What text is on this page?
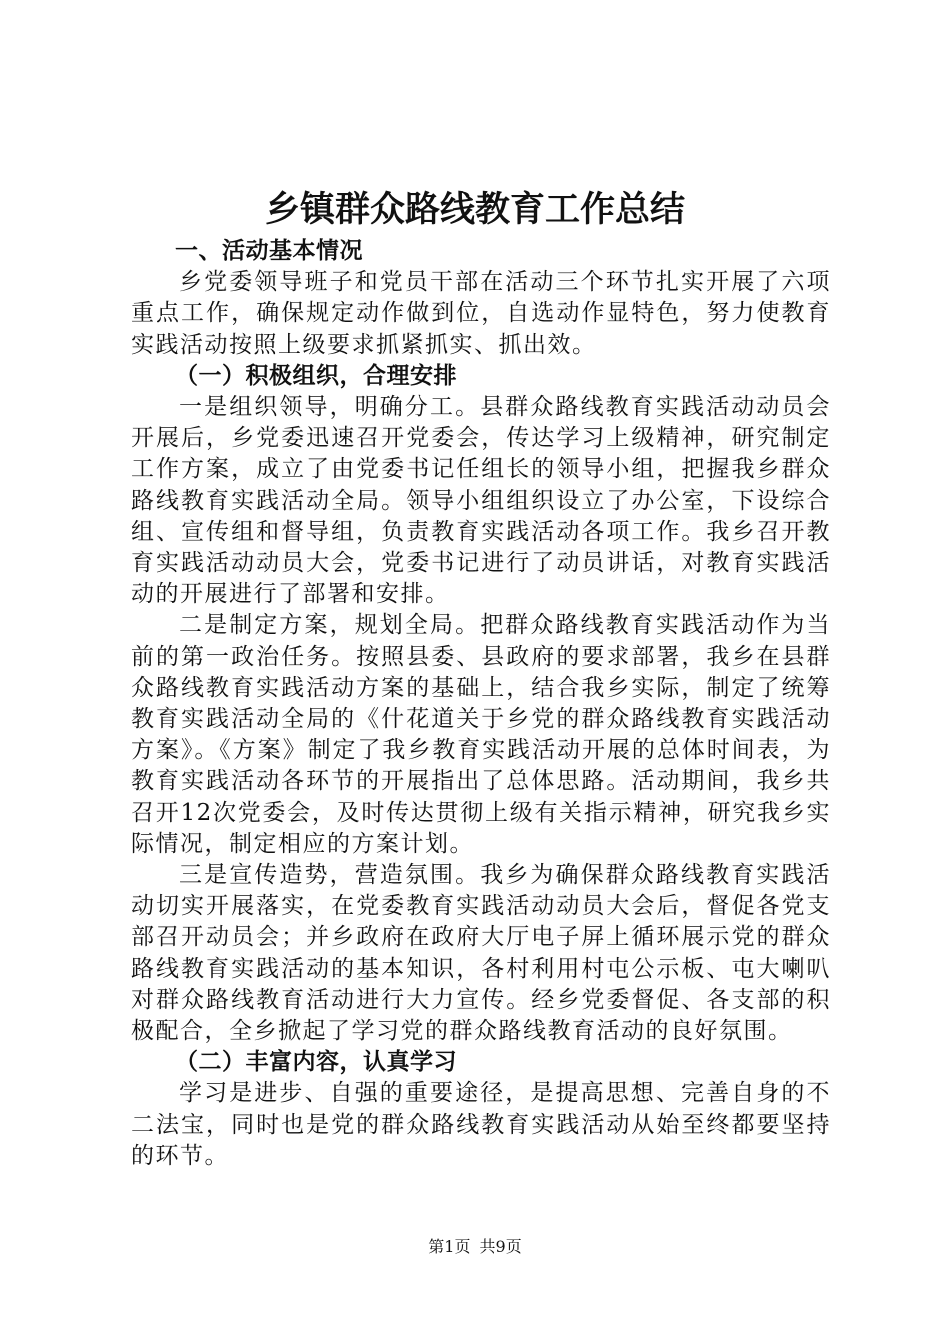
乡镇群众路线教育工作总结
一、活动基本情况

乡党委领导班子和党员干部在活动三个环节扎实开展了六项重点工作，确保规定动作做到位，自选动作显特色，努力使教育实践活动按照上级要求抓紧抓实、抓出效。

（一）积极组织，合理安排

一是组织领导，明确分工。县群众路线教育实践活动动员会开展后，乡党委迅速召开党委会，传达学习上级精神，研究制定工作方案，成立了由党委书记任组长的领导小组，把握我乡群众路线教育实践活动全局。领导小组组织设立了办公室，下设综合组、宣传组和督导组，负责教育实践活动各项工作。我乡召开教育实践活动动员大会，党委书记进行了动员讲话，对教育实践活动的开展进行了部署和安排。

二是制定方案，规划全局。把群众路线教育实践活动作为当前的第一政治任务。按照县委、县政府的要求部署，我乡在县群众路线教育实践活动方案的基础上，结合我乡实际，制定了统筹教育实践活动全局的《什花道关于乡党的群众路线教育实践活动方案》。《方案》制定了我乡教育实践活动开展的总体时间表，为教育实践活动各环节的开展指出了总体思路。活动期间，我乡共召开12次党委会，及时传达贯彻上级有关指示精神，研究我乡实际情况，制定相应的方案计划。

三是宣传造势，营造氛围。我乡为确保群众路线教育实践活动切实开展落实，在党委教育实践活动动员大会后，督促各党支部召开动员会；并乡政府在政府大厅电子屏上循环展示党的群众路线教育实践活动的基本知识，各村利用村屯公示板、屯大喇叭对群众路线教育活动进行大力宣传。经乡党委督促、各支部的积极配合，全乡掀起了学习党的群众路线教育活动的良好氛围。

（二）丰富内容，认真学习

学习是进步、自强的重要途径，是提高思想、完善自身的不二法宝，同时也是党的群众路线教育实践活动从始至终都要坚持的环节。

第1页 共9页
